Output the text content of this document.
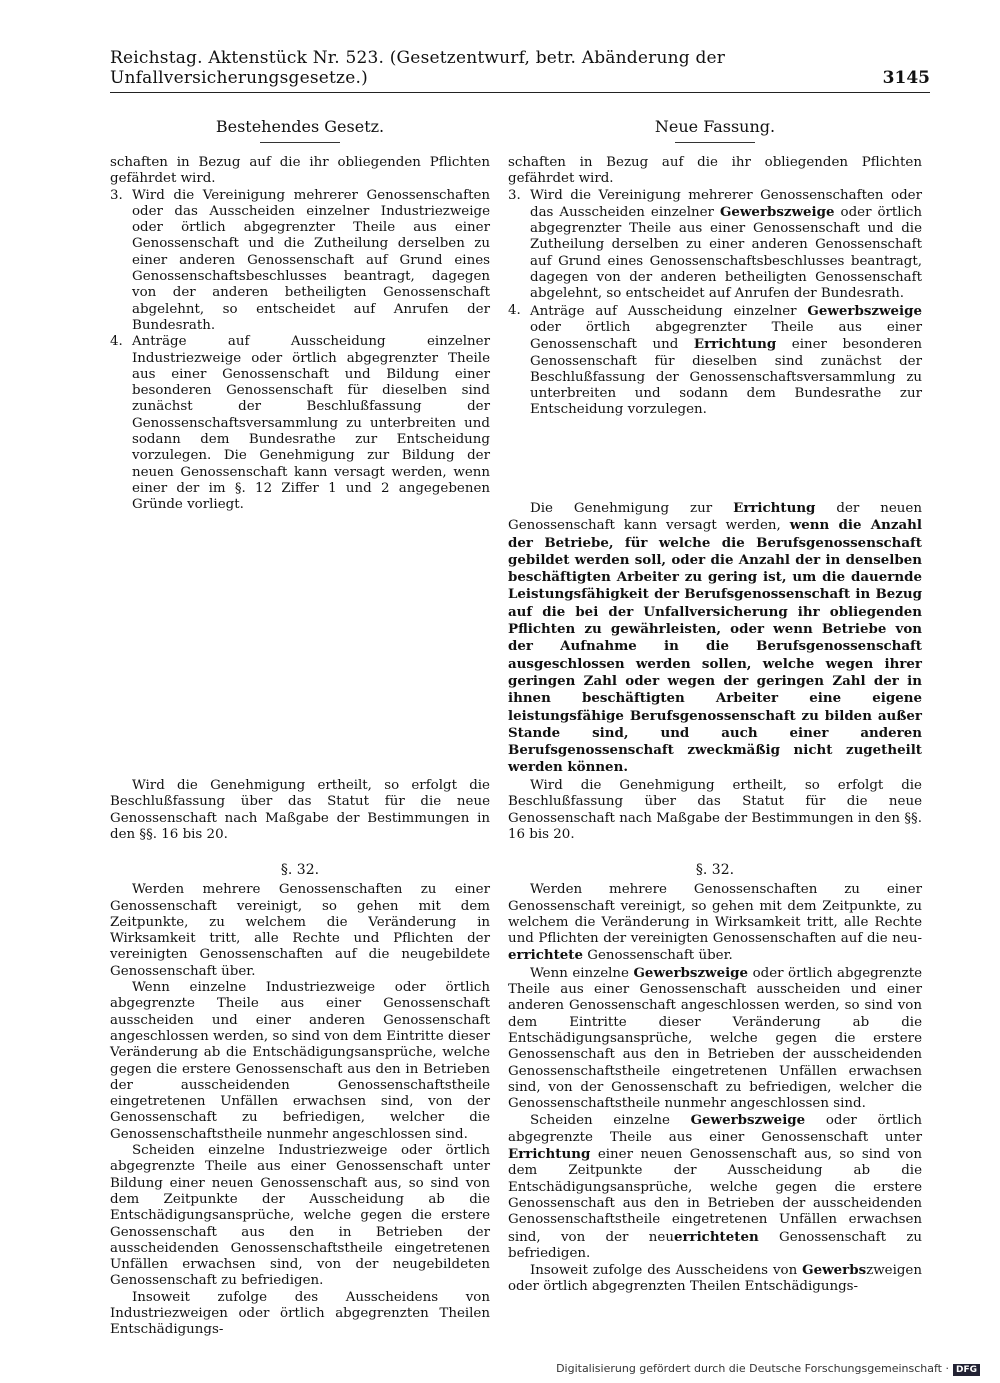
Reichstag. Aktenstück Nr. 523. (Gesetzentwurf, betr. Abänderung der Unfallversicherungsgesetze.)	3145
Bestehendes Gesetz.	Neue Fassung.

schaften in Bezug auf die ihr obliegenden Pflichten gefährdet wird.

3. Wird die Vereinigung mehrerer Genossenschaften oder das Ausscheiden einzelner Industriezweige oder örtlich abgegrenzter Theile aus einer Genossenschaft und die Zutheilung derselben zu einer anderen Genossenschaft auf Grund eines Genossenschaftsbeschlusses beantragt, dagegen von der anderen betheiligten Genossenschaft abgelehnt, so entscheidet auf Anrufen der Bundesrath.
4. Anträge auf Ausscheidung einzelner Industriezweige oder örtlich abgegrenzter Theile aus einer Genossenschaft und Bildung einer besonderen Genossenschaft für dieselben sind zunächst der Beschlußfassung der Genossenschaftsversammlung zu unterbreiten und sodann dem Bundesrathe zur Entscheidung vorzulegen. Die Genehmigung zur Bildung der neuen Genossenschaft kann versagt werden, wenn einer der im §. 12 Ziffer 1 und 2 angegebenen Gründe vorliegt.

schaften in Bezug auf die ihr obliegenden Pflichten gefährdet wird.

3. Wird die Vereinigung mehrerer Genossenschaften oder das Ausscheiden einzelner Gewerbszweige oder örtlich abgegrenzter Theile aus einer Genossenschaft und die Zutheilung derselben zu einer anderen Genossenschaft auf Grund eines Genossenschaftsbeschlusses beantragt, dagegen von der anderen betheiligten Genossenschaft abgelehnt, so entscheidet auf Anrufen der Bundesrath.
4. Anträge auf Ausscheidung einzelner Gewerbszweige oder örtlich abgegrenzter Theile aus einer Genossenschaft und Errichtung einer besonderen Genossenschaft für dieselben sind zunächst der Beschlußfassung der Genossenschaftsversammlung zu unterbreiten und sodann dem Bundesrathe zur Entscheidung vorzulegen.

Die Genehmigung zur Errichtung der neuen Genossenschaft kann versagt werden, wenn die Anzahl der Betriebe, für welche die Berufsgenossenschaft gebildet werden soll, oder die Anzahl der in denselben beschäftigten Arbeiter zu gering ist, um die dauernde Leistungsfähigkeit der Berufsgenossenschaft in Bezug auf die bei der Unfallversicherung ihr obliegenden Pflichten zu gewährleisten, oder wenn Betriebe von der Aufnahme in die Berufsgenossenschaft ausgeschlossen werden sollen, welche wegen ihrer geringen Zahl oder wegen der geringen Zahl der in ihnen beschäftigten Arbeiter eine eigene leistungsfähige Berufsgenossenschaft zu bilden außer Stande sind, und auch einer anderen Berufsgenossenschaft zweckmäßig nicht zugetheilt werden können.

Wird die Genehmigung ertheilt, so erfolgt die Beschlußfassung über das Statut für die neue Genossenschaft nach Maßgabe der Bestimmungen in den §§. 16 bis 20.

Wird die Genehmigung ertheilt, so erfolgt die Beschlußfassung über das Statut für die neue Genossenschaft nach Maßgabe der Bestimmungen in den §§. 16 bis 20.

§. 32.

Werden mehrere Genossenschaften zu einer Genossenschaft vereinigt, so gehen mit dem Zeitpunkte, zu welchem die Veränderung in Wirksamkeit tritt, alle Rechte und Pflichten der vereinigten Genossenschaften auf die neugebildete Genossenschaft über.

Wenn einzelne Industriezweige oder örtlich abgegrenzte Theile aus einer Genossenschaft ausscheiden und einer anderen Genossenschaft angeschlossen werden, so sind von dem Eintritte dieser Veränderung ab die Entschädigungsansprüche, welche gegen die erstere Genossenschaft aus den in Betrieben der ausscheidenden Genossenschaftstheile eingetretenen Unfällen erwachsen sind, von der Genossenschaft zu befriedigen, welcher die Genossenschaftstheile nunmehr angeschlossen sind.

Scheiden einzelne Industriezweige oder örtlich abgegrenzte Theile aus einer Genossenschaft unter Bildung einer neuen Genossenschaft aus, so sind von dem Zeitpunkte der Ausscheidung ab die Entschädigungsansprüche, welche gegen die erstere Genossenschaft aus den in Betrieben der ausscheidenden Genossenschaftstheile eingetretenen Unfällen erwachsen sind, von der neugebildeten Genossenschaft zu befriedigen.

Insoweit zufolge des Ausscheidens von Industriezweigen oder örtlich abgegrenzten Theilen Entschädigungs-

§. 32.

Werden mehrere Genossenschaften zu einer Genossenschaft vereinigt, so gehen mit dem Zeitpunkte, zu welchem die Veränderung in Wirksamkeit tritt, alle Rechte und Pflichten der vereinigten Genossenschaften auf die neu-errichtete Genossenschaft über.

Wenn einzelne Gewerbszweige oder örtlich abgegrenzte Theile aus einer Genossenschaft ausscheiden und einer anderen Genossenschaft angeschlossen werden, so sind von dem Eintritte dieser Veränderung ab die Entschädigungsansprüche, welche gegen die erstere Genossenschaft aus den in Betrieben der ausscheidenden Genossenschaftstheile eingetretenen Unfällen erwachsen sind, von der Genossenschaft zu befriedigen, welcher die Genossenschaftstheile nunmehr angeschlossen sind.

Scheiden einzelne Gewerbszweige oder örtlich abgegrenzte Theile aus einer Genossenschaft unter Errichtung einer neuen Genossenschaft aus, so sind von dem Zeitpunkte der Ausscheidung ab die Entschädigungsansprüche, welche gegen die erstere Genossenschaft aus den in Betrieben der ausscheidenden Genossenschaftstheile eingetretenen Unfällen erwachsen sind, von der neuerrichteten Genossenschaft zu befriedigen.

Insoweit zufolge des Ausscheidens von Gewerbszweigen oder örtlich abgegrenzten Theilen Entschädigungs-

Digitalisierung gefördert durch die Deutsche Forschungsgemeinschaft · DFG
